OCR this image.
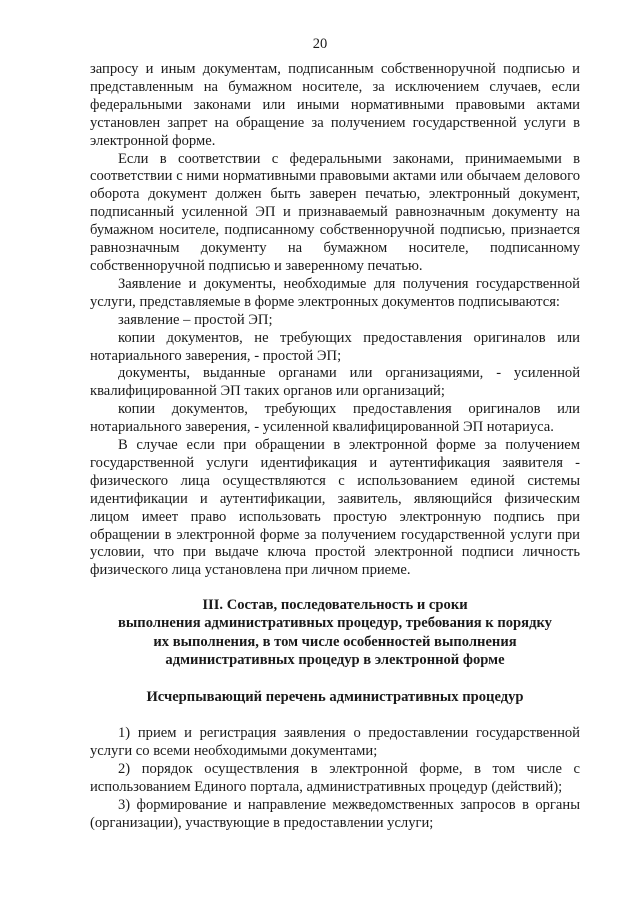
20

запросу и иным документам, подписанным собственноручной подписью и представленным на бумажном носителе, за исключением случаев, если федеральными законами или иными нормативными правовыми актами установлен запрет на обращение за получением государственной услуги в электронной форме.

Если в соответствии с федеральными законами, принимаемыми в соответствии с ними нормативными правовыми актами или обычаем делового оборота документ должен быть заверен печатью, электронный документ, подписанный усиленной ЭП и признаваемый равнозначным документу на бумажном носителе, подписанному собственноручной подписью, признается равнозначным документу на бумажном носителе, подписанному собственноручной подписью и заверенному печатью.

Заявление и документы, необходимые для получения государственной услуги, представляемые в форме электронных документов подписываются:

заявление – простой ЭП;

копии документов, не требующих предоставления оригиналов или нотариального заверения, - простой ЭП;

документы, выданные органами или организациями, - усиленной квалифицированной ЭП таких органов или организаций;

копии документов, требующих предоставления оригиналов или нотариального заверения, - усиленной квалифицированной ЭП нотариуса.

В случае если при обращении в электронной форме за получением государственной услуги идентификация и аутентификация заявителя - физического лица осуществляются с использованием единой системы идентификации и аутентификации, заявитель, являющийся физическим лицом имеет право использовать простую электронную подпись при обращении в электронной форме за получением государственной услуги при условии, что при выдаче ключа простой электронной подписи личность физического лица установлена при личном приеме.

III. Состав, последовательность и сроки
выполнения административных процедур, требования к порядку
их выполнения, в том числе особенностей выполнения
административных процедур в электронной форме
Исчерпывающий перечень административных процедур

1) прием и регистрация заявления о предоставлении государственной услуги со всеми необходимыми документами;

2) порядок осуществления в электронной форме, в том числе с использованием Единого портала, административных процедур (действий);

3) формирование и направление межведомственных запросов в органы (организации), участвующие в предоставлении услуги;
